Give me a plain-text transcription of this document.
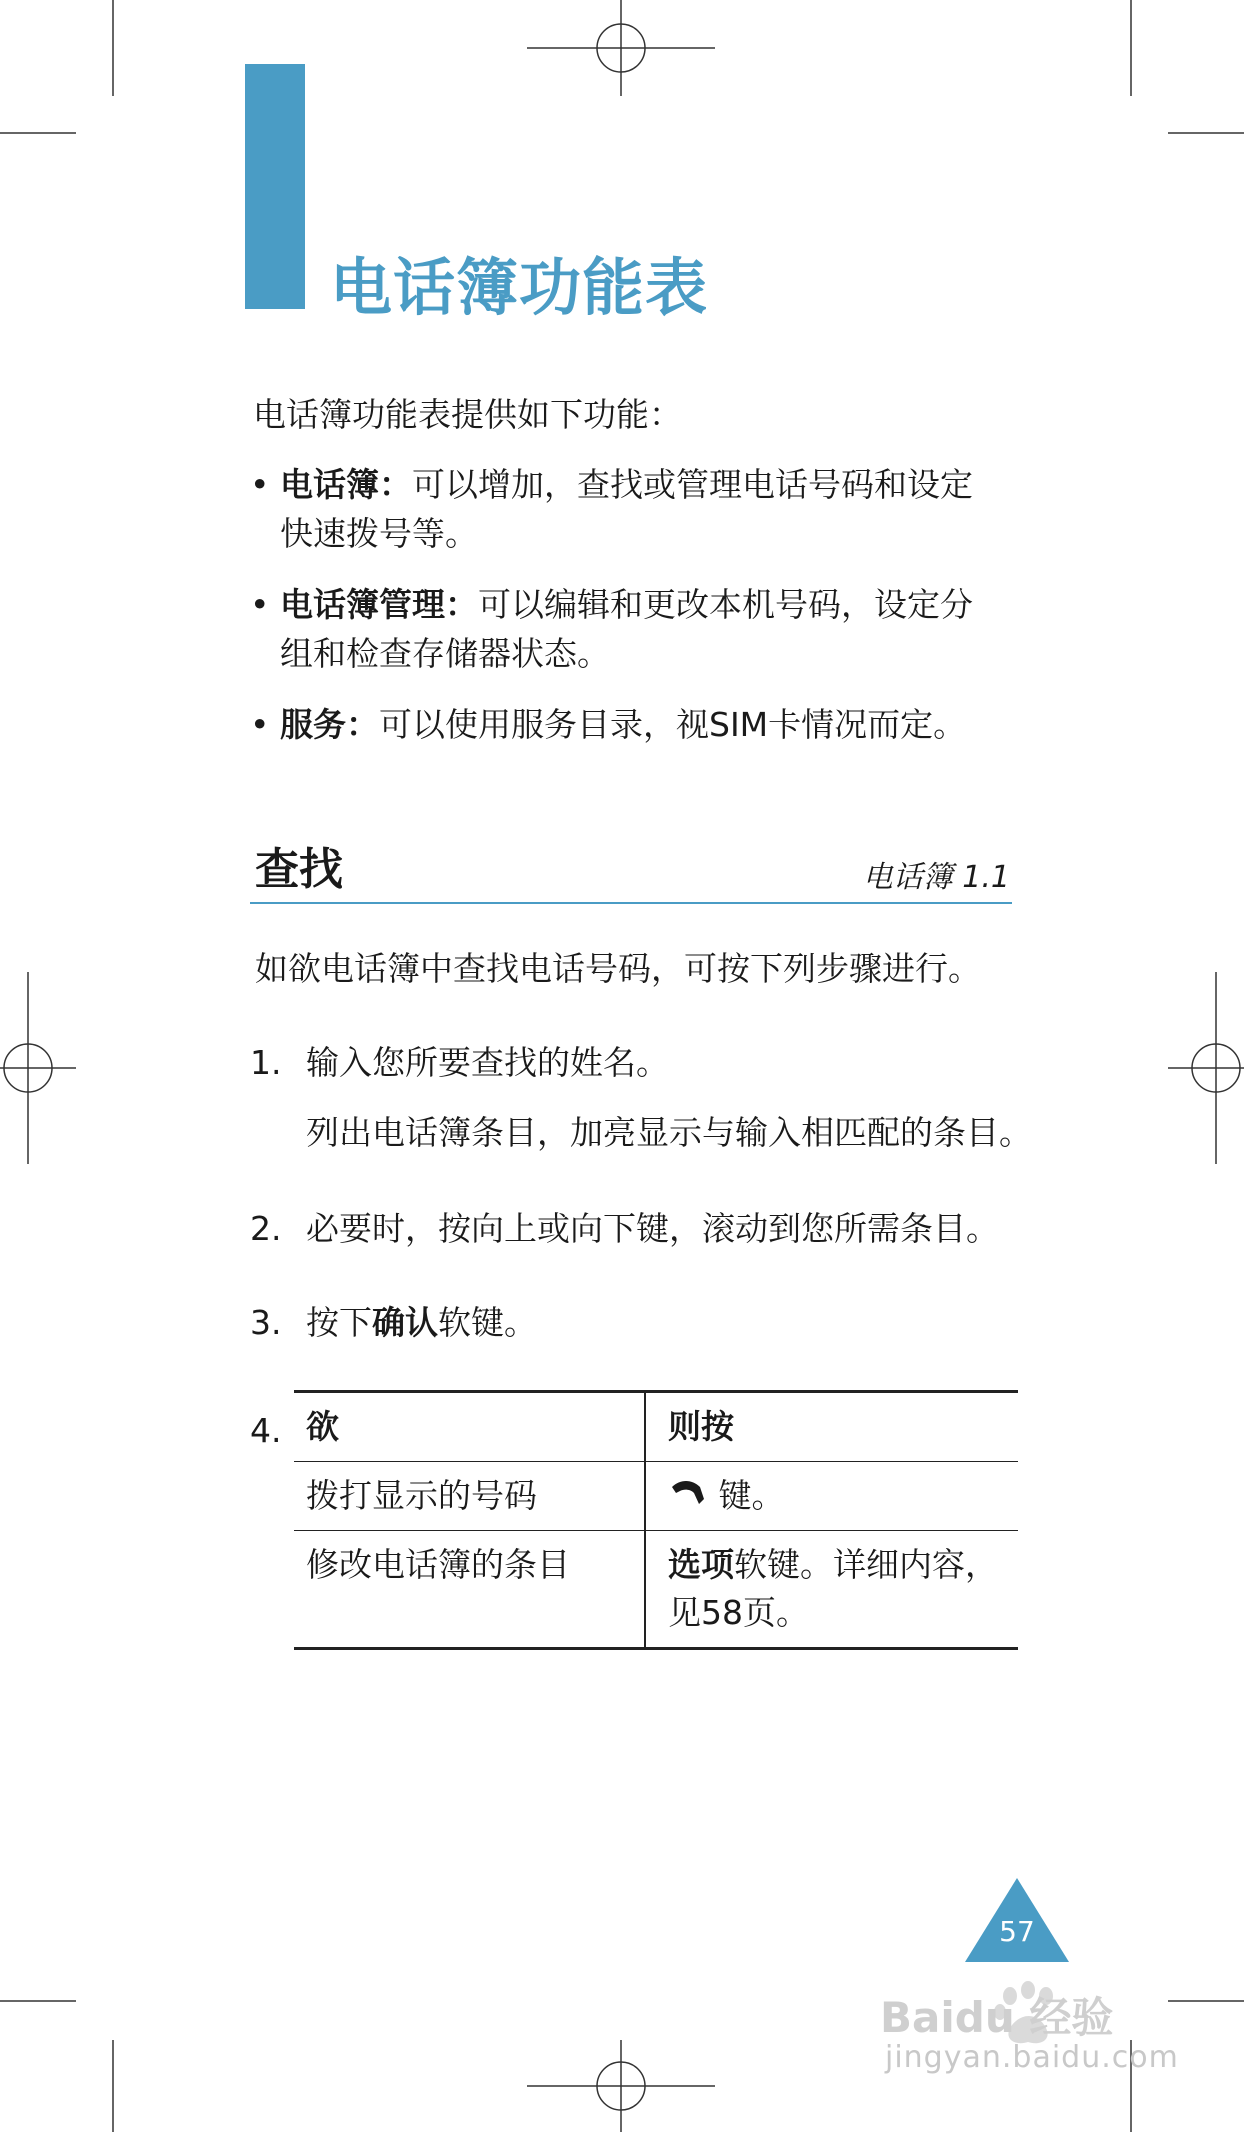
电话簿功能表

电话簿功能表提供如下功能：

• 电话簿：可以增加，查找或管理电话号码和设定
快速拨号等。
• 电话簿管理：可以编辑和更改本机号码，设定分
组和检查存储器状态。
• 服务：可以使用服务目录，视SIM卡情况而定。
查找	电话簿 1.1

如欲电话簿中查找电话号码，可按下列步骤进行。

1. 输入您所要查找的姓名。

列出电话簿条目，加亮显示与输入相匹配的条目。

2. 必要时，按向上或向下键，滚动到您所需条目。

3. 按下确认软键。

4. 欲	则按
拨打显示的号码	键。
修改电话簿的条目	选项软键。详细内容，
见58页。
57
Baidu 经验
jingyan.baidu.com
